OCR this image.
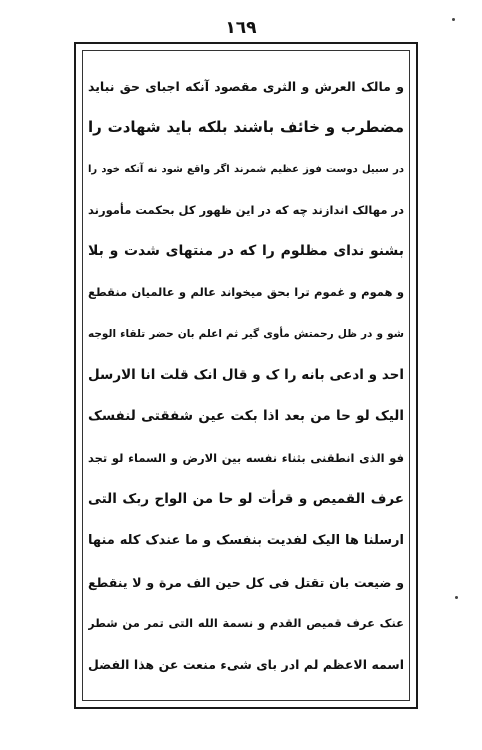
١٦٩
و مالک العرش و الثری مقصود آنکه اجبای حق نباید
مضطرب و خائف باشند بلکه باید شهادت را
در سبیل دوست فوز عظیم شمرند اگر واقع شود نه آنکه خود را
در مهالک اندازند چه که در این ظهور کل بحکمت مأمورند
بشنو ندای مظلوم را که در منتهای شدت و بلا
و هموم و غموم ترا بحق میخواند عالم و عالمیان منقطع
شو و در ظل رحمتش مأوی گیر ثم اعلم بان حضر تلقاء الوجه
احد و ادعی بانه را ک و قال انک قلت انا الارسل
الیک لو حا من بعد اذا بکت عین شفقتی لنفسک
فو الذی انطقنی بثناء نفسه بین الارض و السماء لو تجد
عرف القمیص و قرأت لو حا من الواح ربک التی
ارسلنا ها الیک لفدیت بنفسک و ما عندک کله منها
و ضیعت بان تقتل فی کل حین الف مرة و لا ینقطع
عنک عرف قمیص القدم و نسمة الله التی تمر من شطر
اسمه الاعظم لم ادر بای شیء منعت عن هذا الفضل
